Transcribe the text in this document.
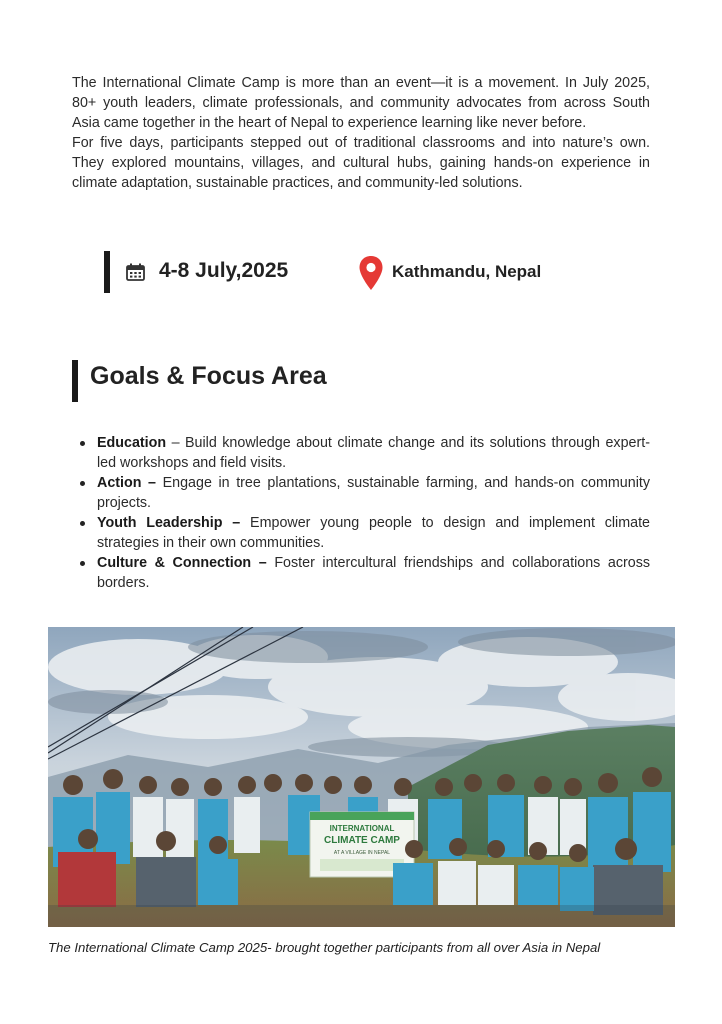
The International Climate Camp is more than an event—it is a movement. In July 2025, 80+ youth leaders, climate professionals, and community advocates from across South Asia came together in the heart of Nepal to experience learning like never before.

For five days, participants stepped out of traditional classrooms and into nature’s own. They explored mountains, villages, and cultural hubs, gaining hands-on experience in climate adaptation, sustainable practices, and community-led solutions.

4-8 July,2025	Kathmandu, Nepal
Goals & Focus Area
Education – Build knowledge about climate change and its solutions through expert-led workshops and field visits.
Action – Engage in tree plantations, sustainable farming, and hands-on community projects.
Youth Leadership – Empower young people to design and implement climate strategies in their own communities.
Culture & Connection – Foster intercultural friendships and collaborations across borders.
INTERNATIONAL
CLIMATE CAMP
AT A VILLAGE IN NEPAL
The International Climate Camp 2025- brought together participants from all over Asia in Nepal
